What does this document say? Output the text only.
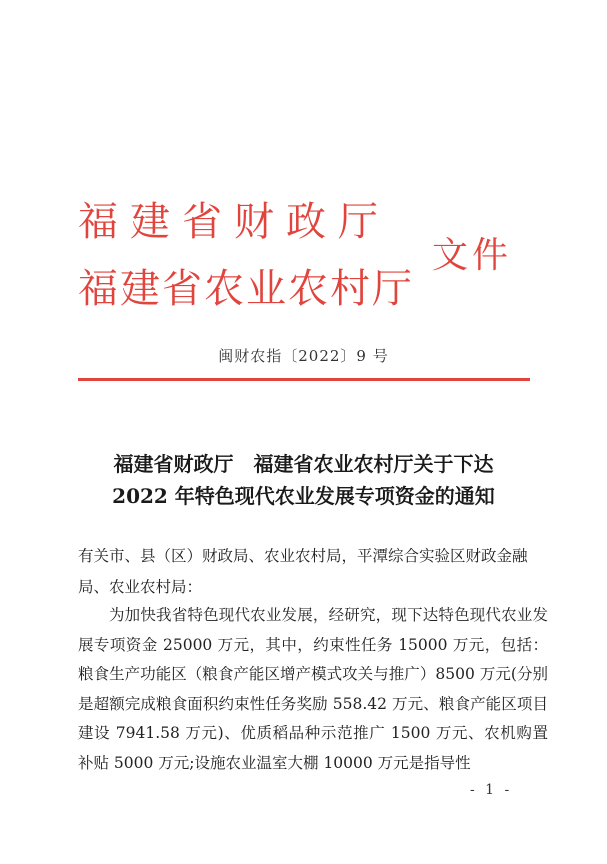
福建省财政厅
福建省农业农村厅
文件
闽财农指〔2022〕9 号
福建省财政厅　福建省农业农村厅关于下达
2022 年特色现代农业发展专项资金的通知
有关市、县（区）财政局、农业农村局，平潭综合实验区财政金融局、农业农村局：
为加快我省特色现代农业发展，经研究，现下达特色现代农业发展专项资金 25000 万元，其中，约束性任务 15000 万元，包括：粮食生产功能区（粮食产能区增产模式攻关与推广）8500 万元(分别是超额完成粮食面积约束性任务奖励 558.42 万元、粮食产能区项目建设 7941.58 万元)、优质稻品种示范推广 1500 万元、农机购置补贴 5000 万元;设施农业温室大棚 10000 万元是指导性
- 1 -
